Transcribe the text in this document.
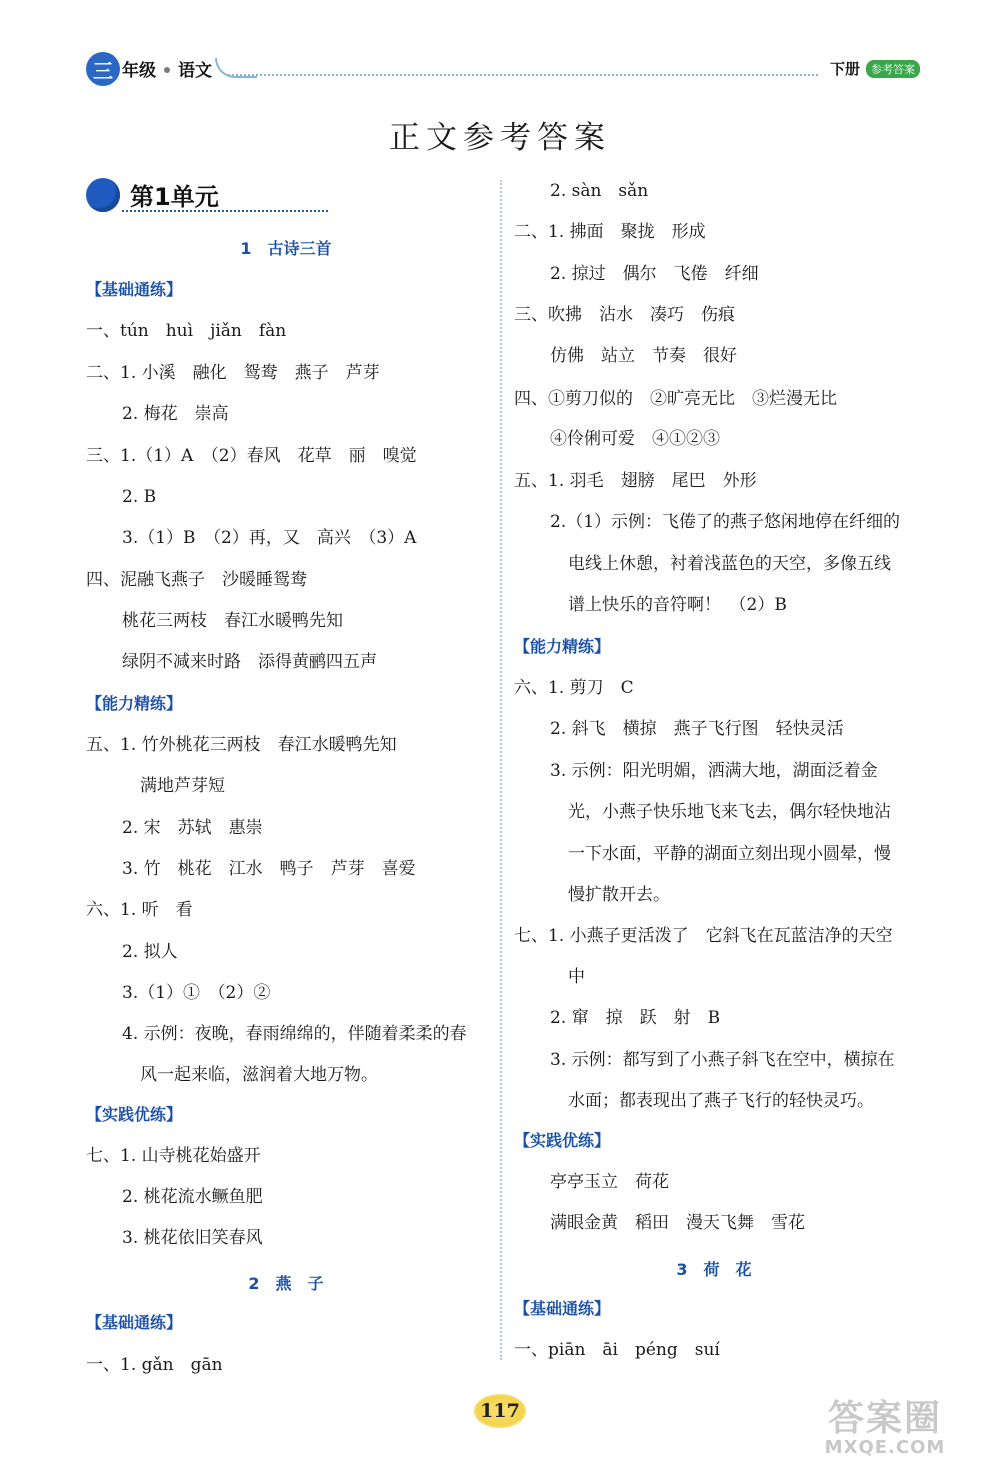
三 年级 语文	下册 参考答案
正文参考答案
第1单元
1　古诗三首
【基础通练】
一、tún　huì　jiǎn　fàn
二、1. 小溪　融化　鸳鸯　燕子　芦芽
2. 梅花　崇高
三、1.（1）A　（2）春风　花草　丽　嗅觉
2. B
3.（1）B　（2）再，又　高兴　（3）A
四、泥融飞燕子　沙暖睡鸳鸯
桃花三两枝　春江水暖鸭先知
绿阴不减来时路　添得黄鹂四五声
【能力精练】
五、1. 竹外桃花三两枝　春江水暖鸭先知
满地芦芽短
2. 宋　苏轼　惠崇
3. 竹　桃花　江水　鸭子　芦芽　喜爱
六、1. 听　看
2. 拟人
3.（1）①　（2）②
4. 示例：夜晚，春雨绵绵的，伴随着柔柔的春
风一起来临，滋润着大地万物。
【实践优练】
七、1. 山寺桃花始盛开
2. 桃花流水鳜鱼肥
3. 桃花依旧笑春风
2　燕　子
【基础通练】
一、1. gǎn　gān
2. sàn　sǎn
二、1. 拂面　聚拢　形成
2. 掠过　偶尔　飞倦　纤细
三、吹拂　沾水　凑巧　伤痕
仿佛　站立　节奏　很好
四、①剪刀似的　②旷亮无比　③烂漫无比
④伶俐可爱　④①②③
五、1. 羽毛　翅膀　尾巴　外形
2.（1）示例：飞倦了的燕子悠闲地停在纤细的
电线上休憩，衬着浅蓝色的天空，多像五线
谱上快乐的音符啊！　（2）B
【能力精练】
六、1. 剪刀　C
2. 斜飞　横掠　燕子飞行图　轻快灵活
3. 示例：阳光明媚，洒满大地，湖面泛着金
光，小燕子快乐地飞来飞去，偶尔轻快地沾
一下水面，平静的湖面立刻出现小圆晕，慢
慢扩散开去。
七、1. 小燕子更活泼了　它斜飞在瓦蓝洁净的天空
中
2. 窜　掠　跃　射　B
3. 示例：都写到了小燕子斜飞在空中，横掠在
水面；都表现出了燕子飞行的轻快灵巧。
【实践优练】
亭亭玉立　荷花
满眼金黄　稻田　漫天飞舞　雪花
3　荷　花
【基础通练】
一、piān　āi　péng　suí
117	答案圈
MXQE.COM
